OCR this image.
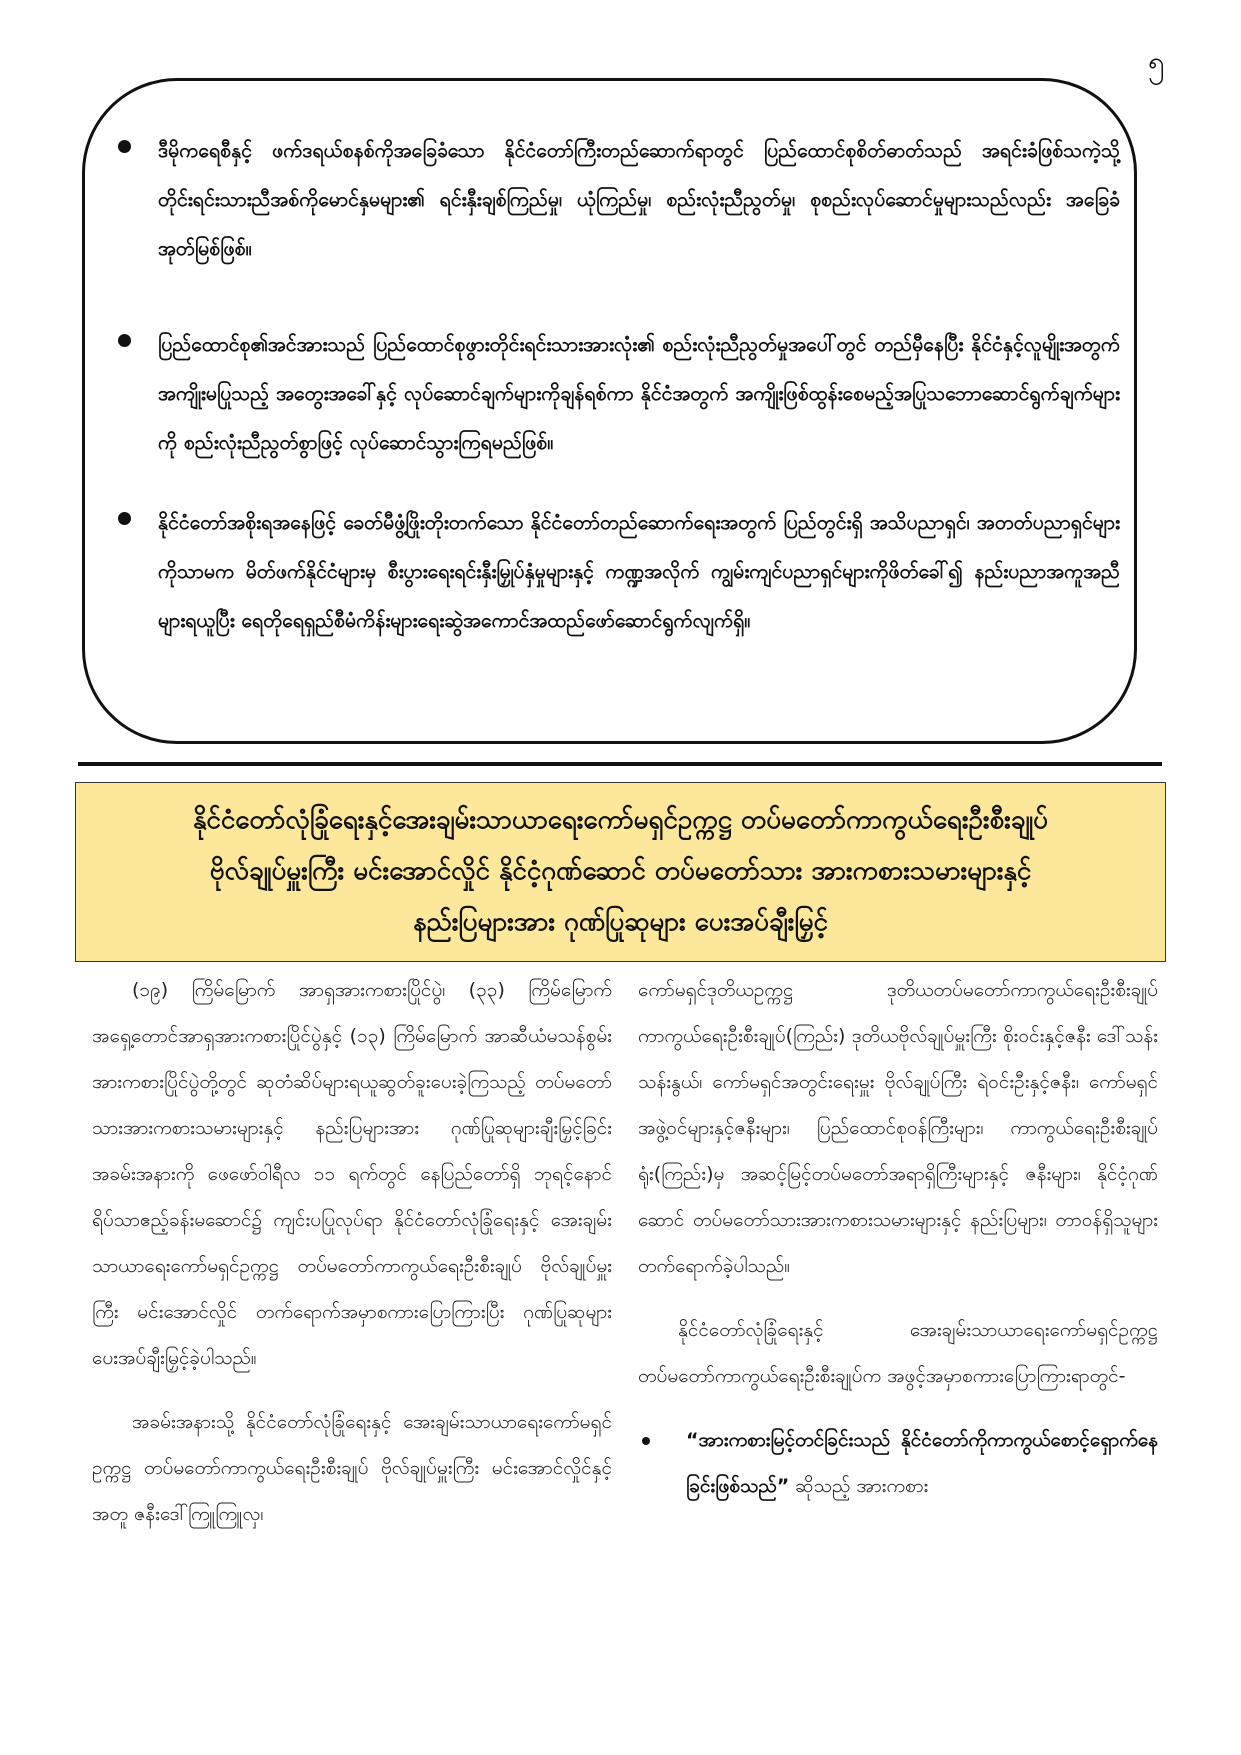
၅
ဒီမိုကရေစီနှင့် ဖက်ဒရယ်စနစ်ကိုအခြေခံသော နိုင်ငံတော်ကြီးတည်ဆောက်ရာတွင် ပြည်ထောင်စုစိတ်ဓာတ်သည် အရင်းခံဖြစ်သကဲ့သို့ တိုင်းရင်းသားညီအစ်ကိုမောင်နှမများ၏ ရင်းနှီးချစ်ကြည်မှု၊ ယုံကြည်မှု၊ စည်းလုံးညီညွတ်မှု၊ စုစည်းလုပ်ဆောင်မှုများသည်လည်း အခြေခံအုတ်မြစ်ဖြစ်။
ပြည်ထောင်စု၏အင်အားသည် ပြည်ထောင်စုဖွားတိုင်းရင်းသားအားလုံး၏ စည်းလုံးညီညွတ်မှုအပေါ်တွင် တည်မှီနေပြီး နိုင်ငံနှင့်လူမျိုးအတွက် အကျိုးမပြုသည့် အတွေးအခေါ်နှင့် လုပ်ဆောင်ချက်များကိုချန်ရစ်ကာ နိုင်ငံအတွက် အကျိုးဖြစ်ထွန်းစေမည့်အပြုသဘောဆောင်ရွက်ချက်များကို စည်းလုံးညီညွတ်စွာဖြင့် လုပ်ဆောင်သွားကြရမည်ဖြစ်။
နိုင်ငံတော်အစိုးရအနေဖြင့် ခေတ်မီဖွံ့ဖြိုးတိုးတက်သော နိုင်ငံတော်တည်ဆောက်ရေးအတွက် ပြည်တွင်းရှိ အသိပညာရှင်၊ အတတ်ပညာရှင်များကိုသာမက မိတ်ဖက်နိုင်ငံများမှ စီးပွားရေးရင်းနှီးမြှုပ်နှံမှုများနှင့် ကဏ္ဍအလိုက် ကျွမ်းကျင်ပညာရှင်များကိုဖိတ်ခေါ်၍ နည်းပညာအကူအညီများရယူပြီး ရေတိုရေရှည်စီမံကိန်းများရေးဆွဲအကောင်အထည်ဖော်ဆောင်ရွက်လျက်ရှိ။
နိုင်ငံတော်လုံခြုံရေးနှင့်အေးချမ်းသာယာရေးကော်မရှင်ဥက္ကဋ္ဌ တပ်မတော်ကာကွယ်ရေးဦးစီးချုပ်
ဗိုလ်ချုပ်မှူးကြီး မင်းအောင်လှိုင် နိုင်ငံ့ဂုဏ်ဆောင် တပ်မတော်သား အားကစားသမားများနှင့်
နည်းပြများအား ဂုဏ်ပြုဆုများ ပေးအပ်ချီးမြှင့်

(၁၉) ကြိမ်မြောက် အာရှအားကစားပြိုင်ပွဲ၊ (၃၃) ကြိမ်မြောက် အရှေ့တောင်အာရှအားကစားပြိုင်ပွဲနှင့် (၁၃) ကြိမ်မြောက် အာဆီယံမသန်စွမ်းအားကစားပြိုင်ပွဲတို့တွင် ဆုတံဆိပ်များရယူဆွတ်ခူးပေးခဲ့ကြသည့် တပ်မတော်သားအားကစားသမားများနှင့် နည်းပြများအား ဂုဏ်ပြုဆုများချီးမြှင့်ခြင်းအခမ်းအနားကို ဖေဖော်ဝါရီလ ၁၁ ရက်တွင် နေပြည်တော်ရှိ ဘုရင့်နောင်ရိပ်သာဧည့်ခန်းမဆောင်၌ ကျင်းပပြုလုပ်ရာ နိုင်ငံတော်လုံခြုံရေးနှင့် အေးချမ်းသာယာရေးကော်မရှင်ဥက္ကဋ္ဌ တပ်မတော်ကာကွယ်ရေးဦးစီးချုပ် ဗိုလ်ချုပ်မှူးကြီး မင်းအောင်လှိုင် တက်ရောက်အမှာစကားပြောကြားပြီး ဂုဏ်ပြုဆုများ ပေးအပ်ချီးမြှင့်ခဲ့ပါသည်။

အခမ်းအနားသို့ နိုင်ငံတော်လုံခြုံရေးနှင့် အေးချမ်းသာယာရေးကော်မရှင်ဥက္ကဋ္ဌ တပ်မတော်ကာကွယ်ရေးဦးစီးချုပ် ဗိုလ်ချုပ်မှူးကြီး မင်းအောင်လှိုင်နှင့်အတူ ဇနီးဒေါ်ကြူကြူလှ၊

ကော်မရှင်ဒုတိယဥက္ကဋ္ဌ ဒုတိယတပ်မတော်ကာကွယ်ရေးဦးစီးချုပ် ကာကွယ်ရေးဦးစီးချုပ်(ကြည်း) ဒုတိယဗိုလ်ချုပ်မှူးကြီး စိုးဝင်းနှင့်ဇနီး ဒေါ်သန်းသန်းနွယ်၊ ကော်မရှင်အတွင်းရေးမှူး ဗိုလ်ချုပ်ကြီး ရဲဝင်းဦးနှင့်ဇနီး၊ ကော်မရှင်အဖွဲ့ဝင်များနှင့်ဇနီးများ၊ ပြည်ထောင်စုဝန်ကြီးများ၊ ကာကွယ်ရေးဦးစီးချုပ်ရုံး(ကြည်း)မှ အဆင့်မြင့်တပ်မတော်အရာရှိကြီးများနှင့် ဇနီးများ၊ နိုင်ငံ့ဂုဏ်ဆောင် တပ်မတော်သားအားကစားသမားများနှင့် နည်းပြများ၊ တာဝန်ရှိသူများ တက်ရောက်ခဲ့ပါသည်။

နိုင်ငံတော်လုံခြုံရေးနှင့် အေးချမ်းသာယာရေးကော်မရှင်ဥက္ကဋ္ဌ တပ်မတော်ကာကွယ်ရေးဦးစီးချုပ်က အဖွင့်အမှာစကားပြောကြားရာတွင်-

“အားကစားမြင့်တင်ခြင်းသည် နိုင်ငံတော်ကိုကာကွယ်စောင့်ရှောက်နေခြင်းဖြစ်သည်” ဆိုသည့် အားကစား
